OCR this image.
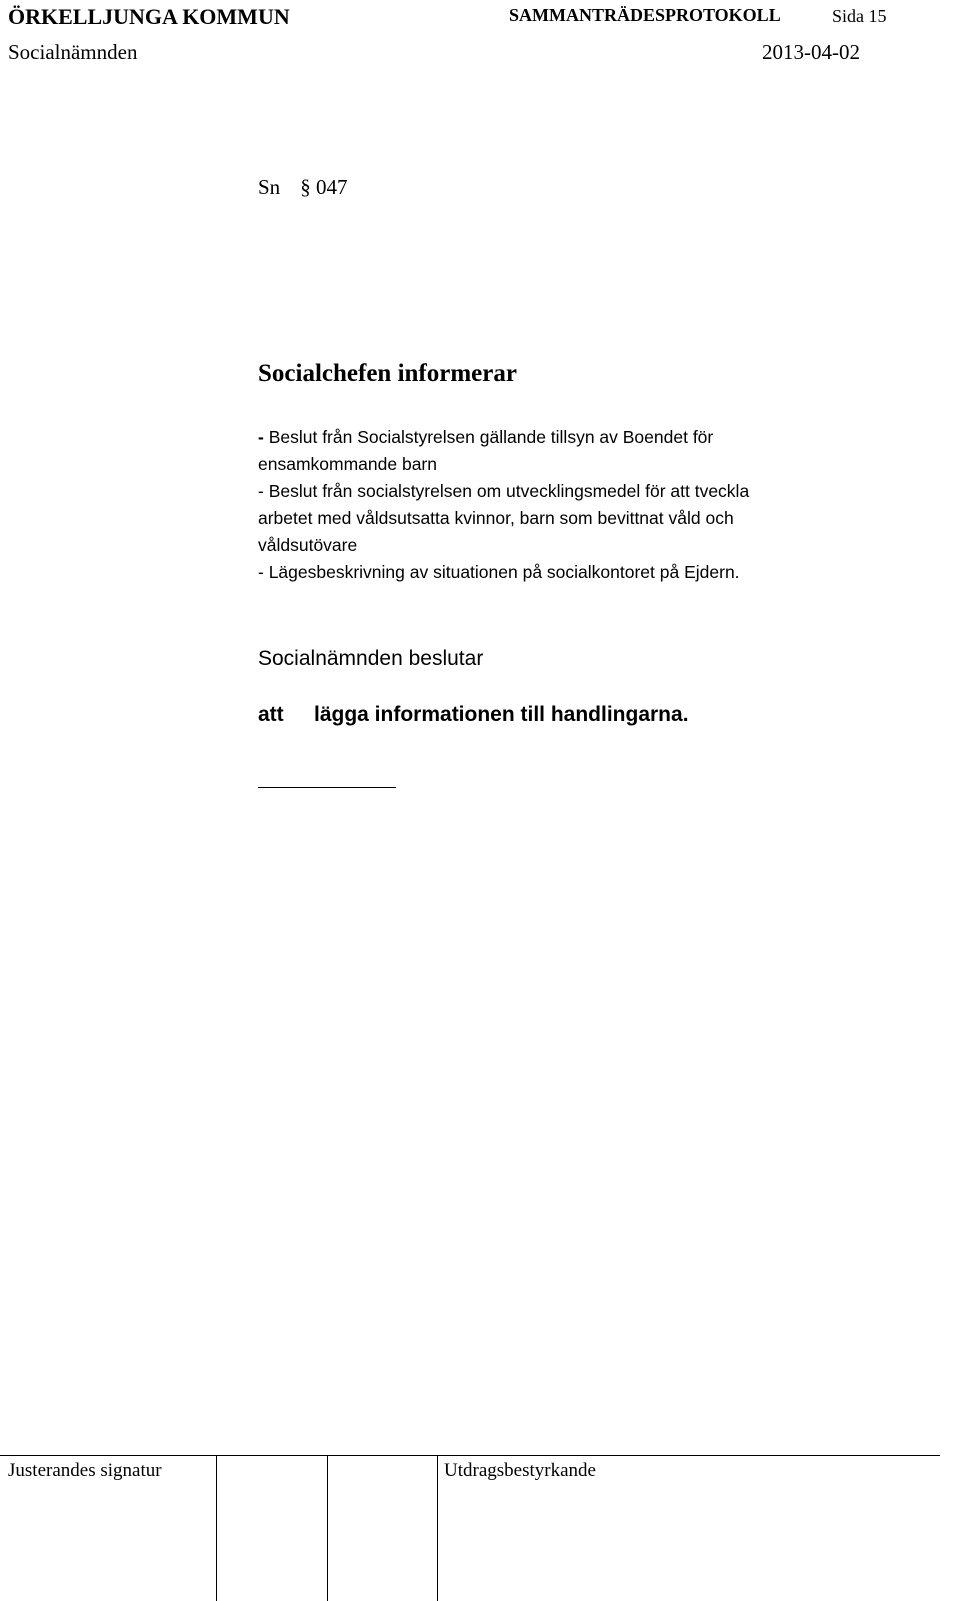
ÖRKELLJUNGA KOMMUN	SAMMANTRÄDESPROTOKOLL	Sida 15
Socialnämnden	2013-04-02
Sn § 047
Socialchefen informerar
- Beslut från Socialstyrelsen gällande tillsyn av Boendet för
ensamkommande barn
- Beslut från socialstyrelsen om utvecklingsmedel för att tveckla
arbetet med våldsutsatta kvinnor, barn som bevittnat våld och
våldsutövare
- Lägesbeskrivning av situationen på socialkontoret på Ejdern.
Socialnämnden beslutar
att lägga informationen till handlingarna.
Justerandes signatur	Utdragsbestyrkande
